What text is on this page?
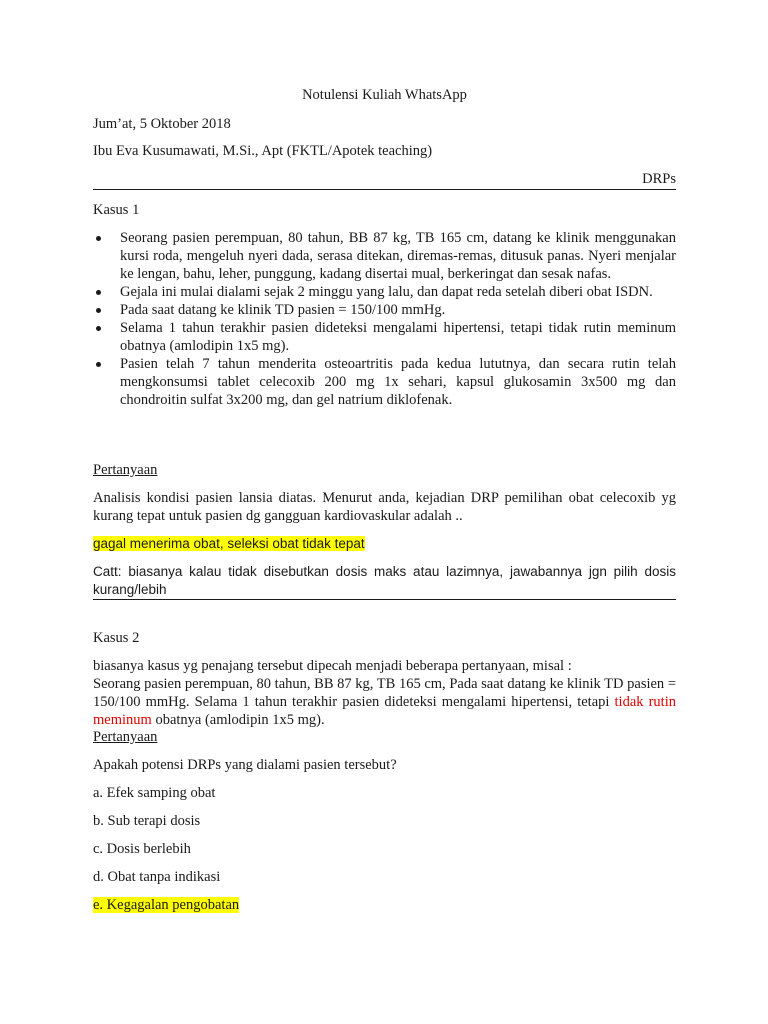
Notulensi Kuliah WhatsApp
Jum’at, 5 Oktober 2018
Ibu Eva Kusumawati, M.Si., Apt (FKTL/Apotek teaching)
DRPs
Kasus 1
Seorang pasien perempuan, 80 tahun, BB 87 kg, TB 165 cm, datang ke klinik menggunakan kursi roda, mengeluh nyeri dada, serasa ditekan, diremas-remas, ditusuk panas. Nyeri menjalar ke lengan, bahu, leher, punggung, kadang disertai mual, berkeringat dan sesak nafas.
Gejala ini mulai dialami sejak 2 minggu yang lalu, dan dapat reda setelah diberi obat ISDN.
Pada saat datang ke klinik TD pasien = 150/100 mmHg.
Selama 1 tahun terakhir pasien dideteksi mengalami hipertensi, tetapi tidak rutin meminum obatnya (amlodipin 1x5 mg).
Pasien telah 7 tahun menderita osteoartritis pada kedua lututnya, dan secara rutin telah mengkonsumsi tablet celecoxib 200 mg 1x sehari, kapsul glukosamin 3x500 mg dan chondroitin sulfat 3x200 mg, dan gel natrium diklofenak.
Pertanyaan

Analisis kondisi pasien lansia diatas. Menurut anda, kejadian DRP pemilihan obat celecoxib yg kurang tepat untuk pasien dg gangguan kardiovaskular adalah ..

gagal menerima obat, seleksi obat tidak tepat

Catt: biasanya kalau tidak disebutkan dosis maks atau lazimnya, jawabannya jgn pilih dosis kurang/lebih

Kasus 2

biasanya kasus yg penajang tersebut dipecah menjadi beberapa pertanyaan, misal :

Seorang pasien perempuan, 80 tahun, BB 87 kg, TB 165 cm, Pada saat datang ke klinik TD pasien = 150/100 mmHg. Selama 1 tahun terakhir pasien dideteksi mengalami hipertensi, tetapi tidak rutin meminum obatnya (amlodipin 1x5 mg).

Pertanyaan
Apakah potensi DRPs yang dialami pasien tersebut?
a. Efek samping obat
b. Sub terapi dosis
c. Dosis berlebih
d. Obat tanpa indikasi
e. Kegagalan pengobatan
